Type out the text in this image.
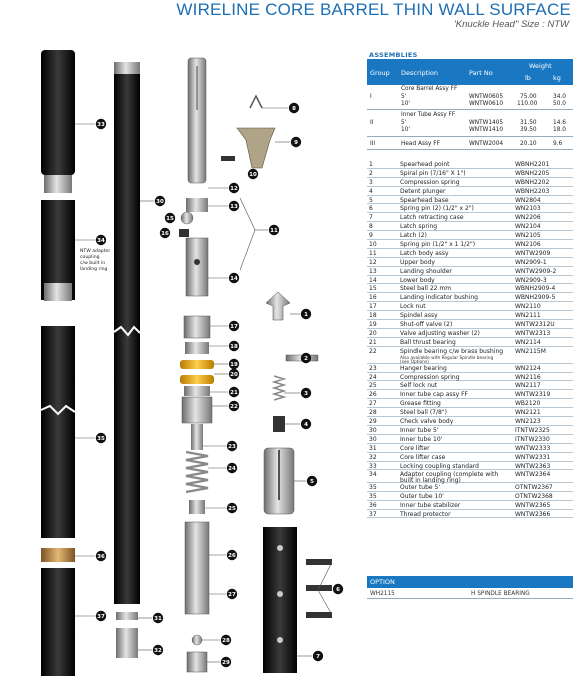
WIRELINE CORE BARREL THIN WALL SURFACE
'Knuckle Head" Size : NTW
33
34
35
36
37
30
31
32
8
9
10
12
13
15
16	11
14
17
18
19
20
21
22
23
24
25
26
27
28
29
1
2
3
4
5
6
7
NTW adapter
coupling
c/w built in
landing ring
ASSEMBLIES
Group Description	Part No
Weight
lb	kg
I
Core Barrel Assy FF
5'	WNTW0605	75.00	34.0
10'	WNTW0610 110.00	50.0
II
Inner Tube Assy FF
5'	WNTW1405	31.50	14.6
10'	WNTW1410	39.50	18.0
III	Head Assy FF	WNTW2004	20.10	9.6
1	Spearhead point	WBNH2201
2	Spiral pin (7/16" X 1")	WBNH2205
3	Compression spring	WBNH2202
4	Detent plunger	WBNH2203
5	Spearhead base	WN2804
6	Spring pin (2) (1/2" x 2")	WN2103
7	Latch retracting case	WN2206
8	Latch spring	WN2104
9	Latch (2)	WN2105
10	Spring pin (1/2" x 1 1/2")	WN2106
11	Latch body assy	WNTW2909
12	Upper body	WN2909-1
13	Landing shoulder	WNTW2909-2
14	Lower body	WN2909-3
15	Steel ball 22 mm	WBNH2909-4
16	Landing indicator bushing	WBNH2909-5
17	Lock nut	WN2110
18	Spindel assy	WN2111
19	Shut-off valve (2)	WNTW2312U
20	Valve adjusting washer (2)	WNTW2313
21	Ball thrust bearing	WN2114
22	Spindle bearing c/w brass bushing WN2115M
Also available with Regular Spindle bearing
(see Options)
23	Hanger bearing	WN2124
24	Compression spring	WN2116
25	Self lock nut	WN2117
26	Inner tube cap assy FF	WNTW2319
27	Grease fitting	WB2120
28	Steel ball (7/8")	WN2121
29	Check valve body	WN2123
30	Inner tube 5'	ITNTW2325
30	Inner tube 10'	ITNTW2330
31	Core lifter	WNTW2333
32	Core lifter case	WNTW2331
33	Locking coupling standard	WNTW2363
34	Adaptor coupling (complete with	WNTW2364
built in landing ring)
35	Outer tube 5'	OTNTW2367
35	Outer tube 10'	OTNTW2368
36	Inner tube stabilizer	WNTW2365
37	Thread protector	WNTW2366
OPTION
WH2115	H SPINDLE BEARING
